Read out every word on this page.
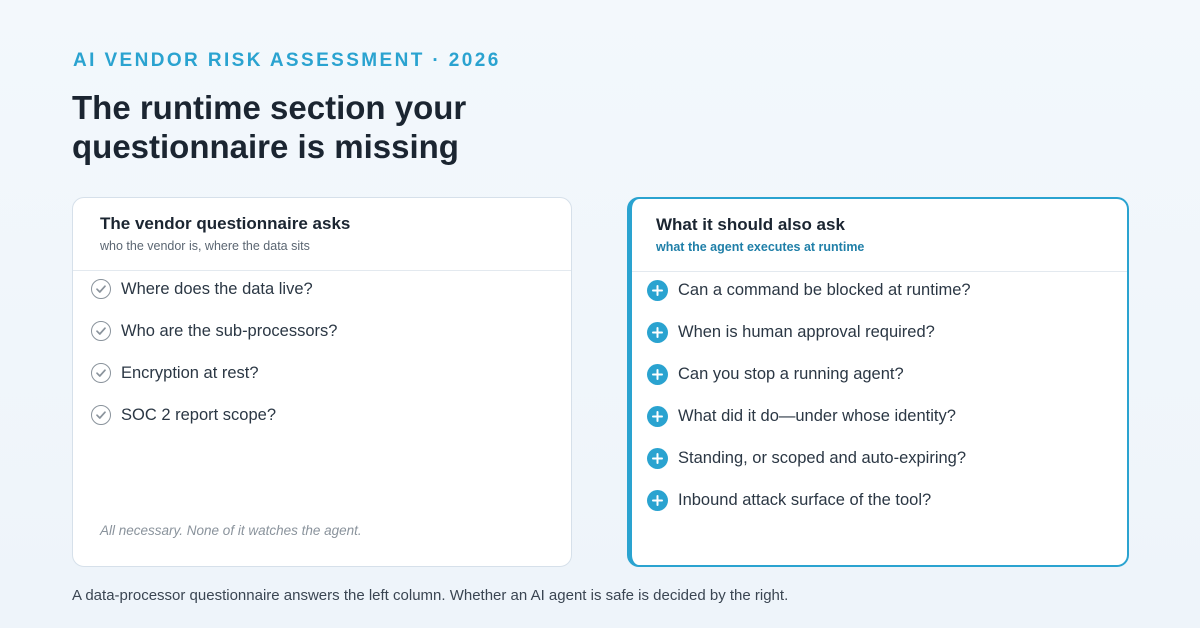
AI VENDOR RISK ASSESSMENT · 2026

The runtime section your questionnaire is missing
The vendor questionnaire asks
who the vendor is, where the data sits
Where does the data live?
Who are the sub-processors?
Encryption at rest?
SOC 2 report scope?

All necessary. None of it watches the agent.

What it should also ask
what the agent executes at runtime
Can a command be blocked at runtime?
When is human approval required?
Can you stop a running agent?
What did it do—under whose identity?
Standing, or scoped and auto-expiring?
Inbound attack surface of the tool?

A data-processor questionnaire answers the left column. Whether an AI agent is safe is decided by the right.
